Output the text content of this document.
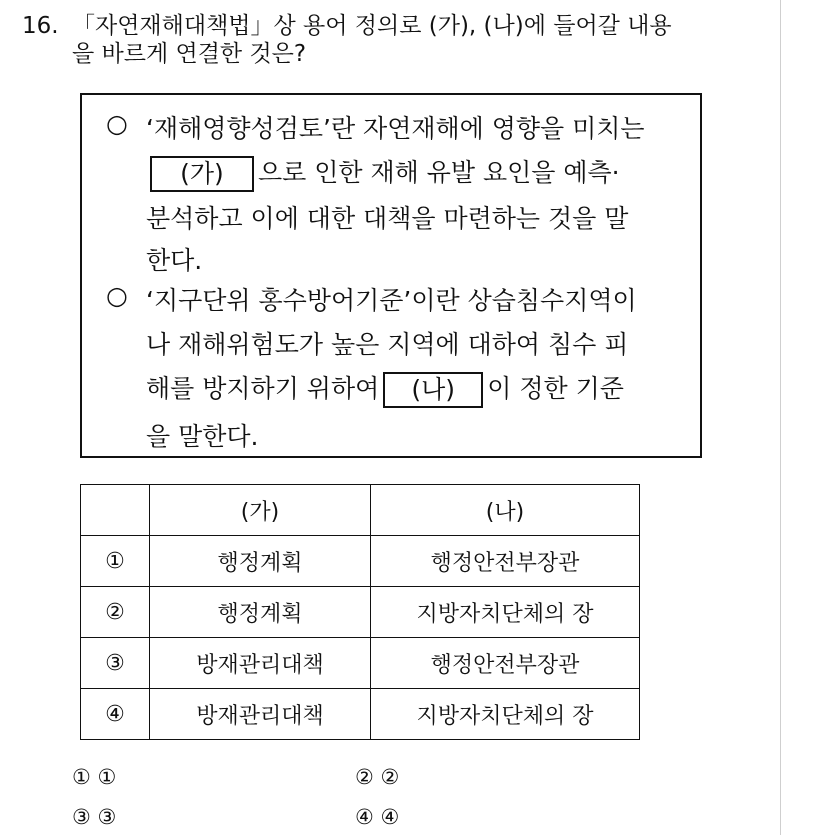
16. 「자연재해대책법」상 용어 정의로 (가), (나)에 들어갈 내용
을 바르게 연결한 것은?
○ ‘재해영향성검토’란 자연재해에 영향을 미치는
(가) 으로 인한 재해 유발 요인을 예측·
분석하고 이에 대한 대책을 마련하는 것을 말
한다.
○ ‘지구단위 홍수방어기준’이란 상습침수지역이
나 재해위험도가 높은 지역에 대하여 침수 피
해를 방지하기 위하여 (나) 이 정한 기준
을 말한다.
	(가)	(나)
①	행정계획	행정안전부장관
②	행정계획	지방자치단체의 장
③	방재관리대책	행정안전부장관
④	방재관리대책	지방자치단체의 장
① ①	② ②
③ ③	④ ④
